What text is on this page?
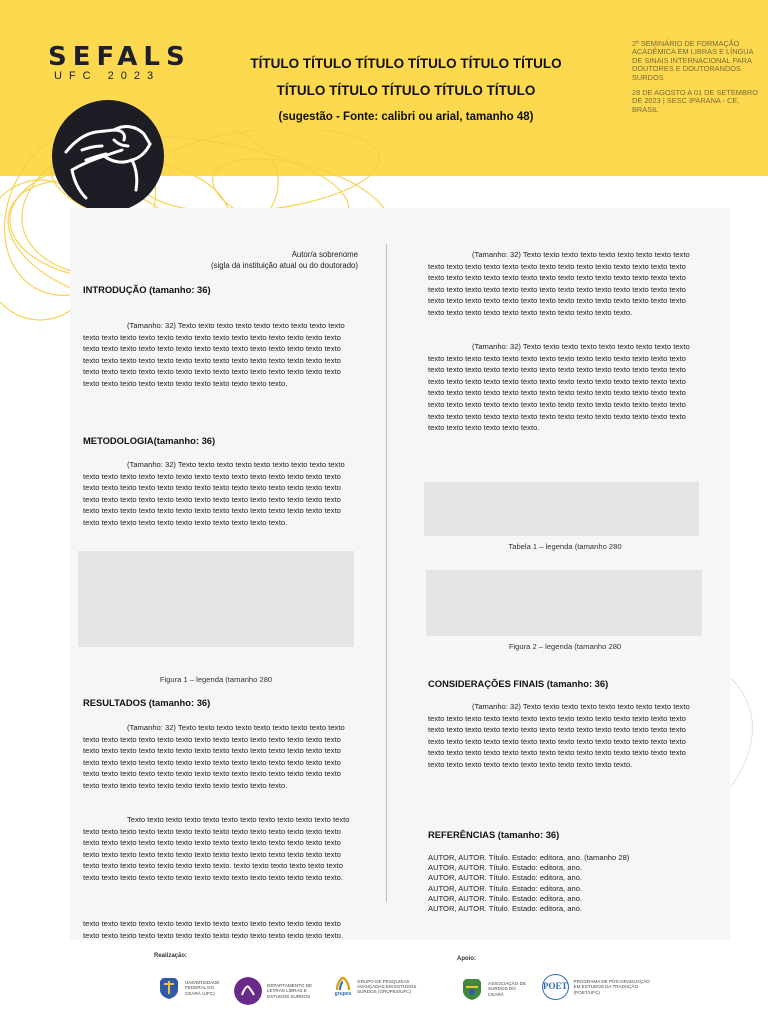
SEFALS
UFC 2023
TÍTULO TÍTULO TÍTULO TÍTULO TÍTULO TÍTULO
TÍTULO TÍTULO TÍTULO TÍTULO TÍTULO
(sugestão - Fonte: calibri ou arial, tamanho 48)

2º SEMINÁRIO DE FORMAÇÃO ACADÊMICA EM LIBRAS E LÍNGUA DE SINAIS INTERNACIONAL PARA DOUTORES E DOUTORANDOS SURDOS

28 DE AGOSTO A 01 DE SETEMBRO DE 2023 | SESC IPARANA - CE, BRASIL

Autor/a sobrenome
(sigla da instituição atual ou do doutorado)
INTRODUÇÃO (tamanho: 36)
(Tamanho: 32) Texto texto texto texto texto texto texto texto texto texto texto texto texto texto texto texto texto texto texto texto texto texto texto texto texto texto texto texto texto texto texto texto texto texto texto texto texto texto texto texto texto texto texto texto texto texto texto texto texto texto texto texto texto texto texto texto texto texto texto texto texto texto texto texto texto texto texto texto texto texto texto texto texto texto texto texto.
METODOLOGIA(tamanho: 36)
(Tamanho: 32) Texto texto texto texto texto texto texto texto texto texto texto texto texto texto texto texto texto texto texto texto texto texto texto texto texto texto texto texto texto texto texto texto texto texto texto texto texto texto texto texto texto texto texto texto texto texto texto texto texto texto texto texto texto texto texto texto texto texto texto texto texto texto texto texto texto texto texto texto texto texto texto texto texto texto texto texto.
Figura 1 – legenda (tamanho 280
RESULTADOS (tamanho: 36)
(Tamanho: 32) Texto texto texto texto texto texto texto texto texto texto texto texto texto texto texto texto texto texto texto texto texto texto texto texto texto texto texto texto texto texto texto texto texto texto texto texto texto texto texto texto texto texto texto texto texto texto texto texto texto texto texto texto texto texto texto texto texto texto texto texto texto texto texto texto texto texto texto texto texto texto texto texto texto texto texto texto.
Texto texto texto texto texto texto texto texto texto texto texto texto texto texto texto texto texto texto texto texto texto texto texto texto texto texto texto texto texto texto texto texto texto texto texto texto texto texto texto texto texto texto texto texto texto texto texto texto texto texto texto texto texto texto texto texto texto texto texto texto texto texto. texto texto texto texto texto texto texto texto texto texto texto texto texto texto texto texto texto texto texto texto.
texto texto texto texto texto texto texto texto texto texto texto texto texto texto texto texto texto texto texto texto texto texto texto texto texto texto texto texto.
(Tamanho: 32) Texto texto texto texto texto texto texto texto texto texto texto texto texto texto texto texto texto texto texto texto texto texto texto texto texto texto texto texto texto texto texto texto texto texto texto texto texto texto texto texto texto texto texto texto texto texto texto texto texto texto texto texto texto texto texto texto texto texto texto texto texto texto texto texto texto texto texto texto texto texto texto texto texto texto texto texto.
(Tamanho: 32) Texto texto texto texto texto texto texto texto texto texto texto texto texto texto texto texto texto texto texto texto texto texto texto texto texto texto texto texto texto texto texto texto texto texto texto texto texto texto texto texto texto texto texto texto texto texto texto texto texto texto texto texto texto texto texto texto texto texto texto texto texto texto texto texto texto texto texto texto texto texto texto texto texto texto texto texto texto texto texto texto texto texto texto texto texto texto texto texto texto texto texto texto texto texto texto texto texto texto texto.
Tabela 1 – legenda (tamanho 280
Figura 2 – legenda (tamanho 280
CONSIDERAÇÕES FINAIS (tamanho: 36)
(Tamanho: 32) Texto texto texto texto texto texto texto texto texto texto texto texto texto texto texto texto texto texto texto texto texto texto texto texto texto texto texto texto texto texto texto texto texto texto texto texto texto texto texto texto texto texto texto texto texto texto texto texto texto texto texto texto texto texto texto texto texto texto texto texto texto texto texto texto texto texto texto texto texto texto texto texto texto texto texto texto.
REFERÊNCIAS (tamanho: 36)
AUTOR, AUTOR. Título. Estado: editora, ano. (tamanho 28)
AUTOR, AUTOR. Título. Estado: editora, ano.
AUTOR, AUTOR. Título. Estado: editora, ano.
AUTOR, AUTOR. Título. Estado: editora, ano.
AUTOR, AUTOR. Título. Estado: editora, ano.
AUTOR, AUTOR. Título. Estado: editora, ano.
Realização:	Apoio:
UNIVERSIDADE FEDERAL DO CEARÁ (UFC)
DEPARTAMENTO DE LETRAS LIBRAS E ESTUDOS SURDOS	grupes
GRUPO DE PESQUISAS AVANÇADAS EM ESTUDOS SURDOS (GRUPES/UFC)
ASSOCIAÇÃO DE SURDOS DO CEARÁ
POET PROGRAMA DE PÓS-GRADUAÇÃO EM ESTUDOS DA TRADUÇÃO (POET/UFC)
